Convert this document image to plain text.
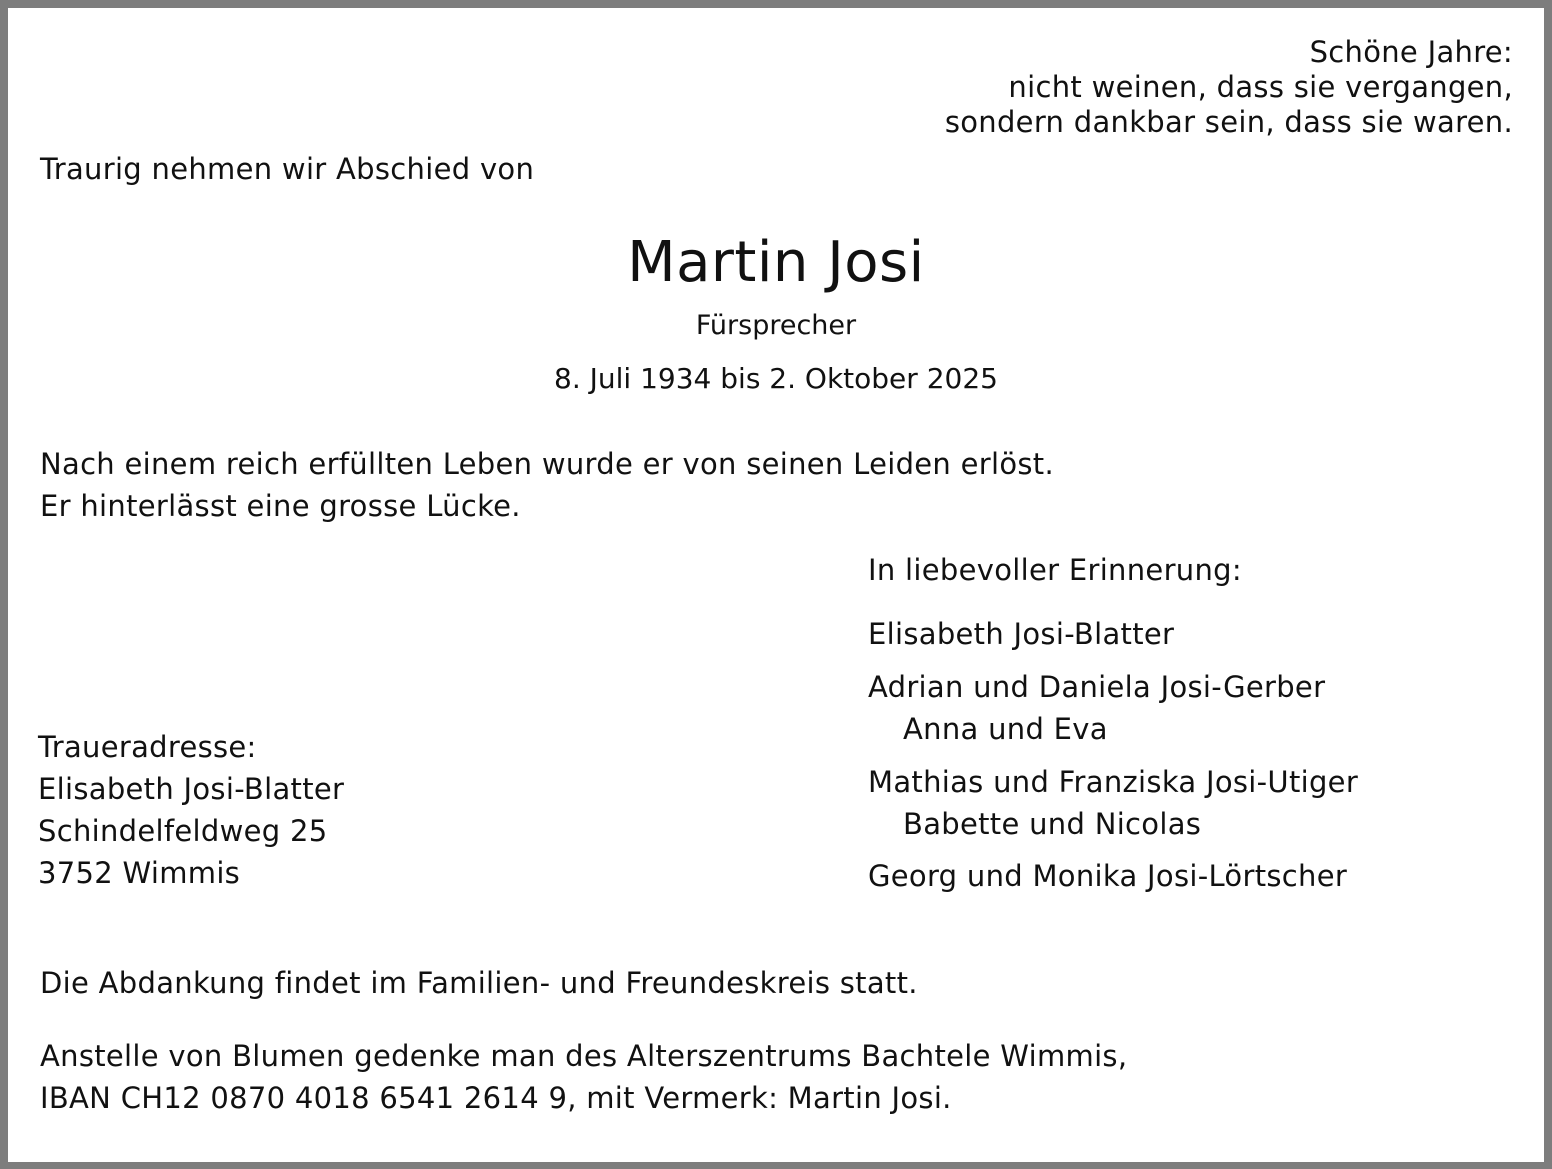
Schöne Jahre:
nicht weinen, dass sie vergangen,
sondern dankbar sein, dass sie waren.
Traurig nehmen wir Abschied von
Martin Josi
Fürsprecher
8. Juli 1934 bis 2. Oktober 2025
Nach einem reich erfüllten Leben wurde er von seinen Leiden erlöst.
Er hinterlässt eine grosse Lücke.
In liebevoller Erinnerung:
Elisabeth Josi-Blatter
Adrian und Daniela Josi-Gerber
Anna und Eva
Mathias und Franziska Josi-Utiger
Babette und Nicolas
Georg und Monika Josi-Lörtscher
Traueradresse:
Elisabeth Josi-Blatter
Schindelfeldweg 25
3752 Wimmis
Die Abdankung findet im Familien- und Freundeskreis statt.
Anstelle von Blumen gedenke man des Alterszentrums Bachtele Wimmis,
IBAN CH12 0870 4018 6541 2614 9, mit Vermerk: Martin Josi.
